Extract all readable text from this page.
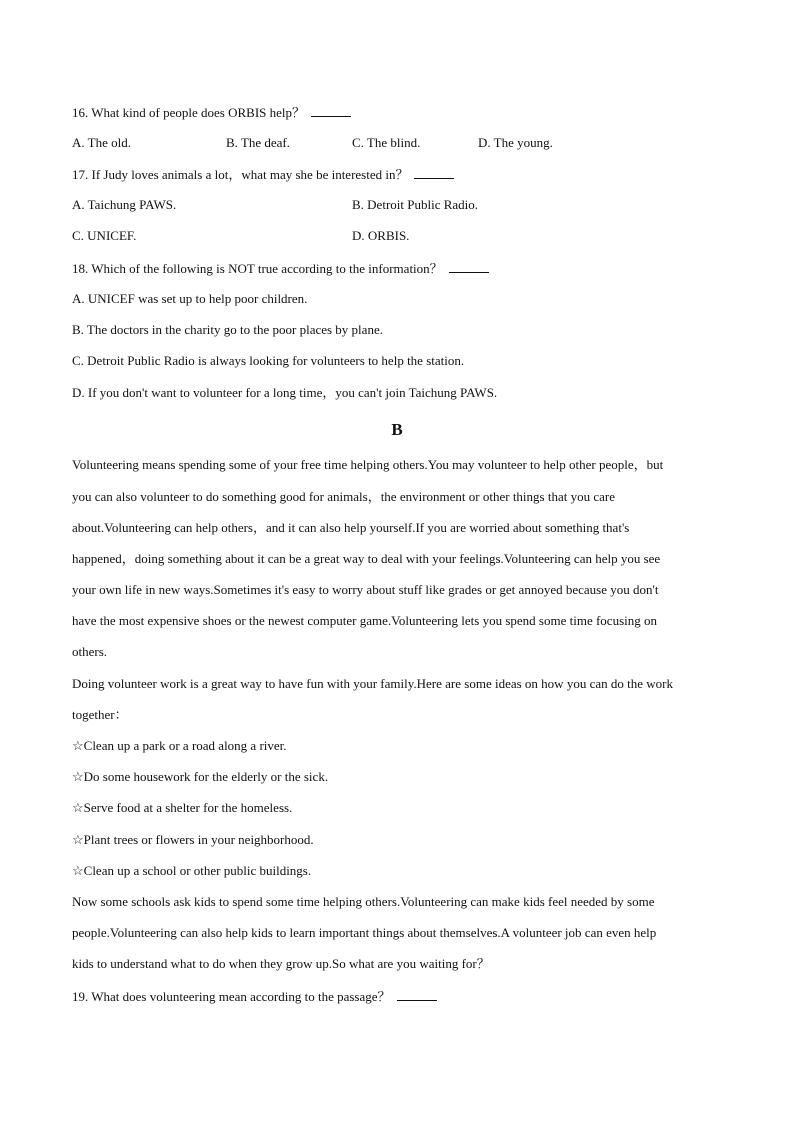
16. What kind of people does ORBIS help？
A. The old.	B. The deaf.	C. The blind.	D. The young.
17. If Judy loves animals a lot，what may she be interested in？
A. Taichung PAWS.	B. Detroit Public Radio.
C. UNICEF.	D. ORBIS.
18. Which of the following is NOT true according to the information？
A. UNICEF was set up to help poor children.
B. The doctors in the charity go to the poor places by plane.
C. Detroit Public Radio is always looking for volunteers to help the station.
D. If you don't want to volunteer for a long time，you can't join Taichung PAWS.
B
Volunteering means spending some of your free time helping others.You may volunteer to help other people，but
you can also volunteer to do something good for animals，the environment or other things that you care
about.Volunteering can help others，and it can also help yourself.If you are worried about something that's
happened，doing something about it can be a great way to deal with your feelings.Volunteering can help you see
your own life in new ways.Sometimes it's easy to worry about stuff like grades or get annoyed because you don't
have the most expensive shoes or the newest computer game.Volunteering lets you spend some time focusing on
others.
Doing volunteer work is a great way to have fun with your family.Here are some ideas on how you can do the work
together：
☆Clean up a park or a road along a river.
☆Do some housework for the elderly or the sick.
☆Serve food at a shelter for the homeless.
☆Plant trees or flowers in your neighborhood.
☆Clean up a school or other public buildings.
Now some schools ask kids to spend some time helping others.Volunteering can make kids feel needed by some
people.Volunteering can also help kids to learn important things about themselves.A volunteer job can even help
kids to understand what to do when they grow up.So what are you waiting for？
19. What does volunteering mean according to the passage？
